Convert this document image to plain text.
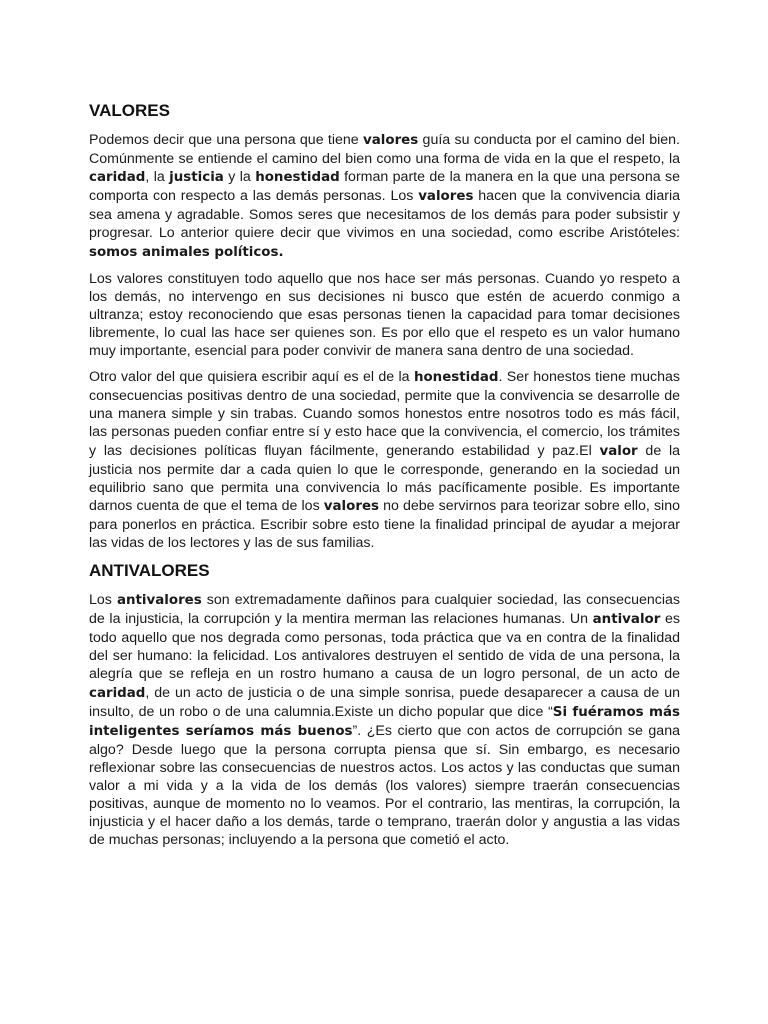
VALORES

Podemos decir que una persona que tiene valores guía su conducta por el camino del bien. Comúnmente se entiende el camino del bien como una forma de vida en la que el respeto, la caridad, la justicia y la honestidad forman parte de la manera en la que una persona se comporta con respecto a las demás personas. Los valores hacen que la convivencia diaria sea amena y agradable. Somos seres que necesitamos de los demás para poder subsistir y progresar. Lo anterior quiere decir que vivimos en una sociedad, como escribe Aristóteles: somos animales políticos.

Los valores constituyen todo aquello que nos hace ser más personas. Cuando yo respeto a los demás, no intervengo en sus decisiones ni busco que estén de acuerdo conmigo a ultranza; estoy reconociendo que esas personas tienen la capacidad para tomar decisiones libremente, lo cual las hace ser quienes son. Es por ello que el respeto es un valor humano muy importante, esencial para poder convivir de manera sana dentro de una sociedad.

Otro valor del que quisiera escribir aquí es el de la honestidad. Ser honestos tiene muchas consecuencias positivas dentro de una sociedad, permite que la convivencia se desarrolle de una manera simple y sin trabas. Cuando somos honestos entre nosotros todo es más fácil, las personas pueden confiar entre sí y esto hace que la convivencia, el comercio, los trámites y las decisiones políticas fluyan fácilmente, generando estabilidad y paz.El valor de la justicia nos permite dar a cada quien lo que le corresponde, generando en la sociedad un equilibrio sano que permita una convivencia lo más pacíficamente posible. Es importante darnos cuenta de que el tema de los valores no debe servirnos para teorizar sobre ello, sino para ponerlos en práctica. Escribir sobre esto tiene la finalidad principal de ayudar a mejorar las vidas de los lectores y las de sus familias.

ANTIVALORES

Los antivalores son extremadamente dañinos para cualquier sociedad, las consecuencias de la injusticia, la corrupción y la mentira merman las relaciones humanas. Un antivalor es todo aquello que nos degrada como personas, toda práctica que va en contra de la finalidad del ser humano: la felicidad. Los antivalores destruyen el sentido de vida de una persona, la alegría que se refleja en un rostro humano a causa de un logro personal, de un acto de caridad, de un acto de justicia o de una simple sonrisa, puede desaparecer a causa de un insulto, de un robo o de una calumnia.Existe un dicho popular que dice “Si fuéramos más inteligentes seríamos más buenos”. ¿Es cierto que con actos de corrupción se gana algo? Desde luego que la persona corrupta piensa que sí. Sin embargo, es necesario reflexionar sobre las consecuencias de nuestros actos. Los actos y las conductas que suman valor a mi vida y a la vida de los demás (los valores) siempre traerán consecuencias positivas, aunque de momento no lo veamos. Por el contrario, las mentiras, la corrupción, la injusticia y el hacer daño a los demás, tarde o temprano, traerán dolor y angustia a las vidas de muchas personas; incluyendo a la persona que cometió el acto.
